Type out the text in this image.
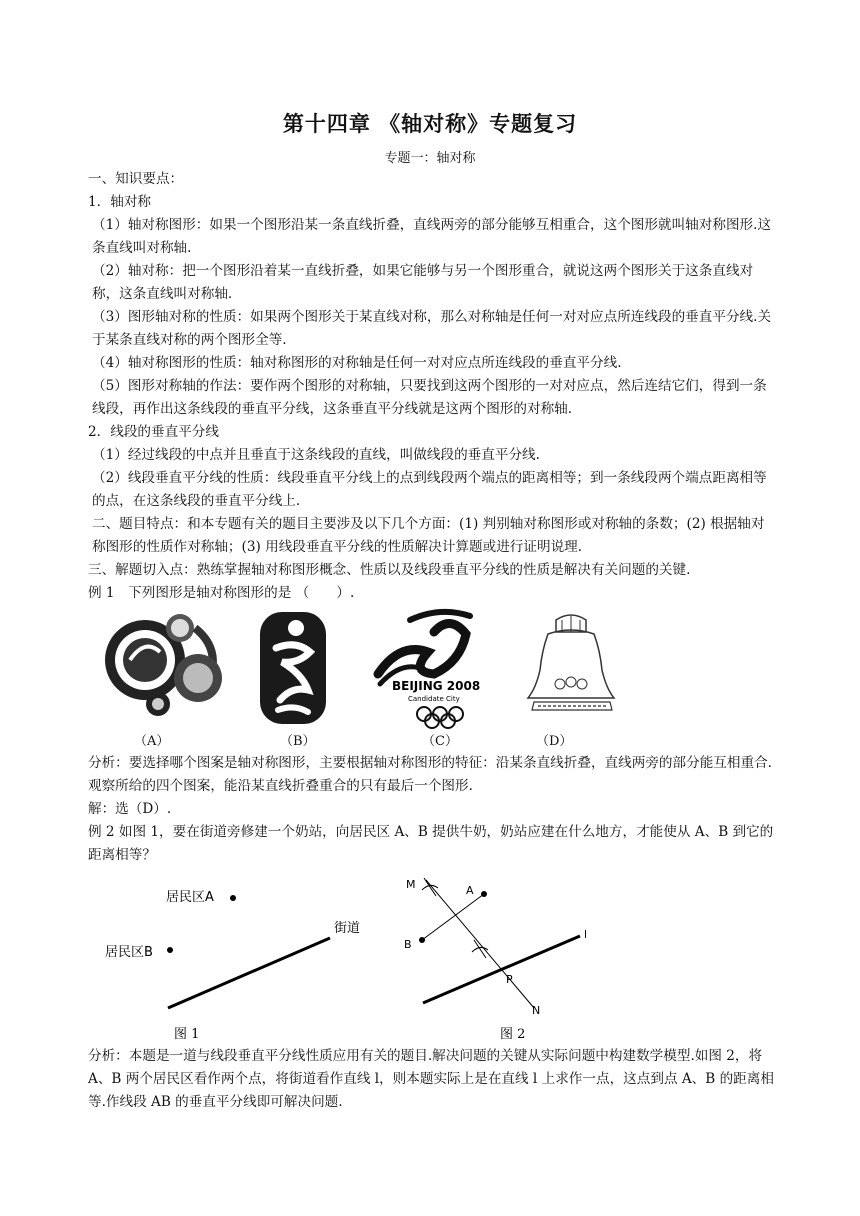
第十四章 《轴对称》专题复习
专题一：轴对称

一、知识要点：

1．轴对称

（1）轴对称图形：如果一个图形沿某一条直线折叠，直线两旁的部分能够互相重合，这个图形就叫轴对称图形.这条直线叫对称轴.

（2）轴对称：把一个图形沿着某一直线折叠，如果它能够与另一个图形重合，就说这两个图形关于这条直线对称，这条直线叫对称轴.

（3）图形轴对称的性质：如果两个图形关于某直线对称，那么对称轴是任何一对对应点所连线段的垂直平分线.关于某条直线对称的两个图形全等.

（4）轴对称图形的性质：轴对称图形的对称轴是任何一对对应点所连线段的垂直平分线.

（5）图形对称轴的作法：要作两个图形的对称轴，只要找到这两个图形的一对对应点，然后连结它们，得到一条线段，再作出这条线段的垂直平分线，这条垂直平分线就是这两个图形的对称轴.

2．线段的垂直平分线

（1）经过线段的中点并且垂直于这条线段的直线，叫做线段的垂直平分线.

（2）线段垂直平分线的性质：线段垂直平分线上的点到线段两个端点的距离相等；到一条线段两个端点距离相等的点，在这条线段的垂直平分线上.

二、题目特点：和本专题有关的题目主要涉及以下几个方面：(1) 判别轴对称图形或对称轴的条数；(2) 根据轴对称图形的性质作对称轴；(3) 用线段垂直平分线的性质解决计算题或进行证明说理.

三、解题切入点：熟练掌握轴对称图形概念、性质以及线段垂直平分线的性质是解决有关问题的关键.

例 1　下列图形是轴对称图形的是 （　　）.

BEIJING 2008
Candidate City
（A）	（B）	（C）	（D）

分析：要选择哪个图案是轴对称图形，主要根据轴对称图形的特征：沿某条直线折叠，直线两旁的部分能互相重合.观察所给的四个图案，能沿某直线折叠重合的只有最后一个图形.

解：选（D）.

例 2 如图 1，要在街道旁修建一个奶站，向居民区 A、B 提供牛奶，奶站应建在什么地方，才能使从 A、B 到它的距离相等？

居民区A
居民区B
街道
图 1
M	A
B
l
P
N
图 2

分析：本题是一道与线段垂直平分线性质应用有关的题目.解决问题的关键从实际问题中构建数学模型.如图 2，将 A、B 两个居民区看作两个点，将街道看作直线 l，则本题实际上是在直线 l 上求作一点，这点到点 A、B 的距离相等.作线段 AB 的垂直平分线即可解决问题.
